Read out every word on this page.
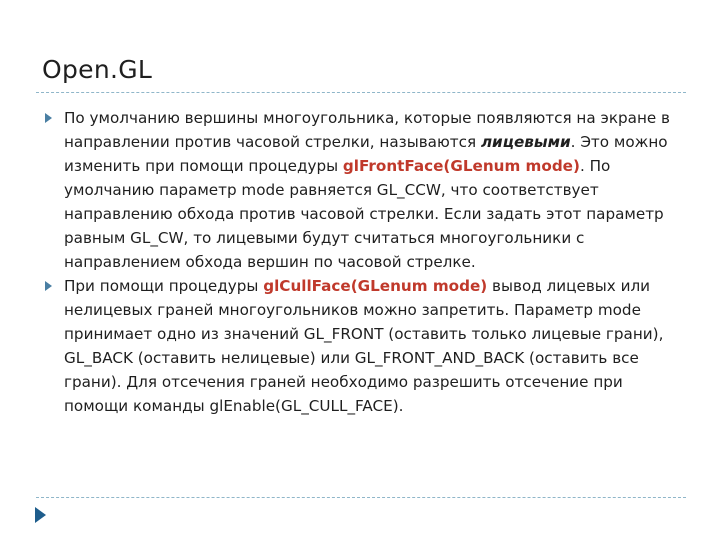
Open.GL
По умолчанию вершины многоугольника, которые появляются на экране в направлении против часовой стрелки, называются лицевыми. Это можно изменить при помощи процедуры glFrontFace(GLenum mode). По умолчанию параметр mode равняется GL_CCW, что соответствует направлению обхода против часовой стрелки. Если задать этот параметр равным GL_CW, то лицевыми будут считаться многоугольники с направлением обхода вершин по часовой стрелке.
При помощи процедуры glCullFace(GLenum mode) вывод лицевых или нелицевых граней многоугольников можно запретить. Параметр mode принимает одно из значений GL_FRONT (оставить только лицевые грани), GL_BACK (оставить нелицевые) или GL_FRONT_AND_BACK (оставить все грани). Для отсечения граней необходимо разрешить отсечение при помощи команды glEnable(GL_CULL_FACE).
